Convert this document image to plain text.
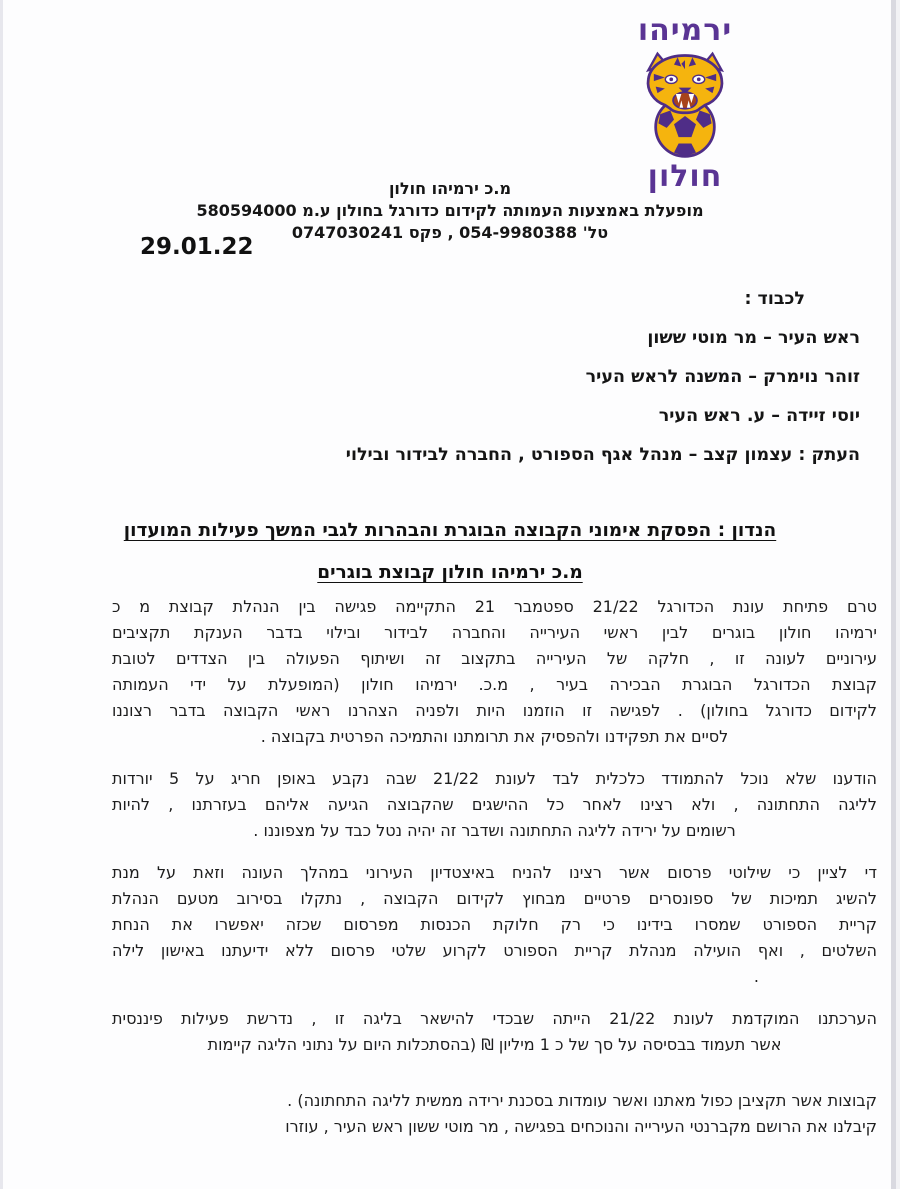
ירמיהו
חולון
מ.כ ירמיהו חולון
מופעלת באמצעות העמותה לקידום כדורגל בחולון ע.מ 580594000
טל' 054-9980388 , פקס 0747030241
29.01.22
לכבוד :
ראש העיר – מר מוטי ששון
זוהר נוימרק – המשנה לראש העיר
יוסי זיידה – ע. ראש העיר
העתק : עצמון קצב – מנהל אגף הספורט , החברה לבידור ובילוי
הנדון : הפסקת אימוני הקבוצה הבוגרת והבהרות לגבי המשך פעילות המועדון
מ.כ ירמיהו חולון קבוצת בוגרים
טרם פתיחת עונת הכדורגל 21/22 ספטמבר 21 התקיימה פגישה בין הנהלת קבוצת מ כ
ירמיהו חולון בוגרים לבין ראשי העירייה והחברה לבידור ובילוי בדבר הענקת תקציבים
עירוניים לעונה זו , חלקה של העירייה בתקצוב זה ושיתוף הפעולה בין הצדדים לטובת
קבוצת הכדורגל הבוגרת הבכירה בעיר , מ.כ. ירמיהו חולון (המופעלת על ידי העמותה
לקידום כדורגל בחולון) . לפגישה זו הוזמנו היות ולפניה הצהרנו ראשי הקבוצה בדבר רצוננו
לסיים את תפקידנו ולהפסיק את תרומתנו והתמיכה הפרטית בקבוצה .
הודענו שלא נוכל להתמודד כלכלית לבד לעונת 21/22 שבה נקבע באופן חריג על 5 יורדות
לליגה התחתונה , ולא רצינו לאחר כל ההישגים שהקבוצה הגיעה אליהם בעזרתנו , להיות
רשומים על ירידה לליגה התחתונה ושדבר זה יהיה נטל כבד על מצפוננו .
די לציין כי שילוטי פרסום אשר רצינו להניח באיצטדיון העירוני במהלך העונה וזאת על מנת
להשיג תמיכות של ספונסרים פרטיים מבחוץ לקידום הקבוצה , נתקלו בסירוב מטעם הנהלת
קריית הספורט שמסרו בידינו כי רק חלוקת הכנסות מפרסום שכזה יאפשרו את הנחת
השלטים , ואף הועילה מנהלת קריית הספורט לקרוע שלטי פרסום ללא ידיעתנו באישון לילה
.
הערכתנו המוקדמת לעונת 21/22 הייתה שבכדי להישאר בליגה זו , נדרשת פעילות פיננסית
אשר תעמוד בבסיסה על סך של כ 1 מיליון ₪ (בהסתכלות היום על נתוני הליגה קיימות
קבוצות אשר תקציבן כפול מאתנו ואשר עומדות בסכנת ירידה ממשית לליגה התחתונה) .
קיבלנו את הרושם מקברנטי העירייה והנוכחים בפגישה , מר מוטי ששון ראש העיר , עוזרו
